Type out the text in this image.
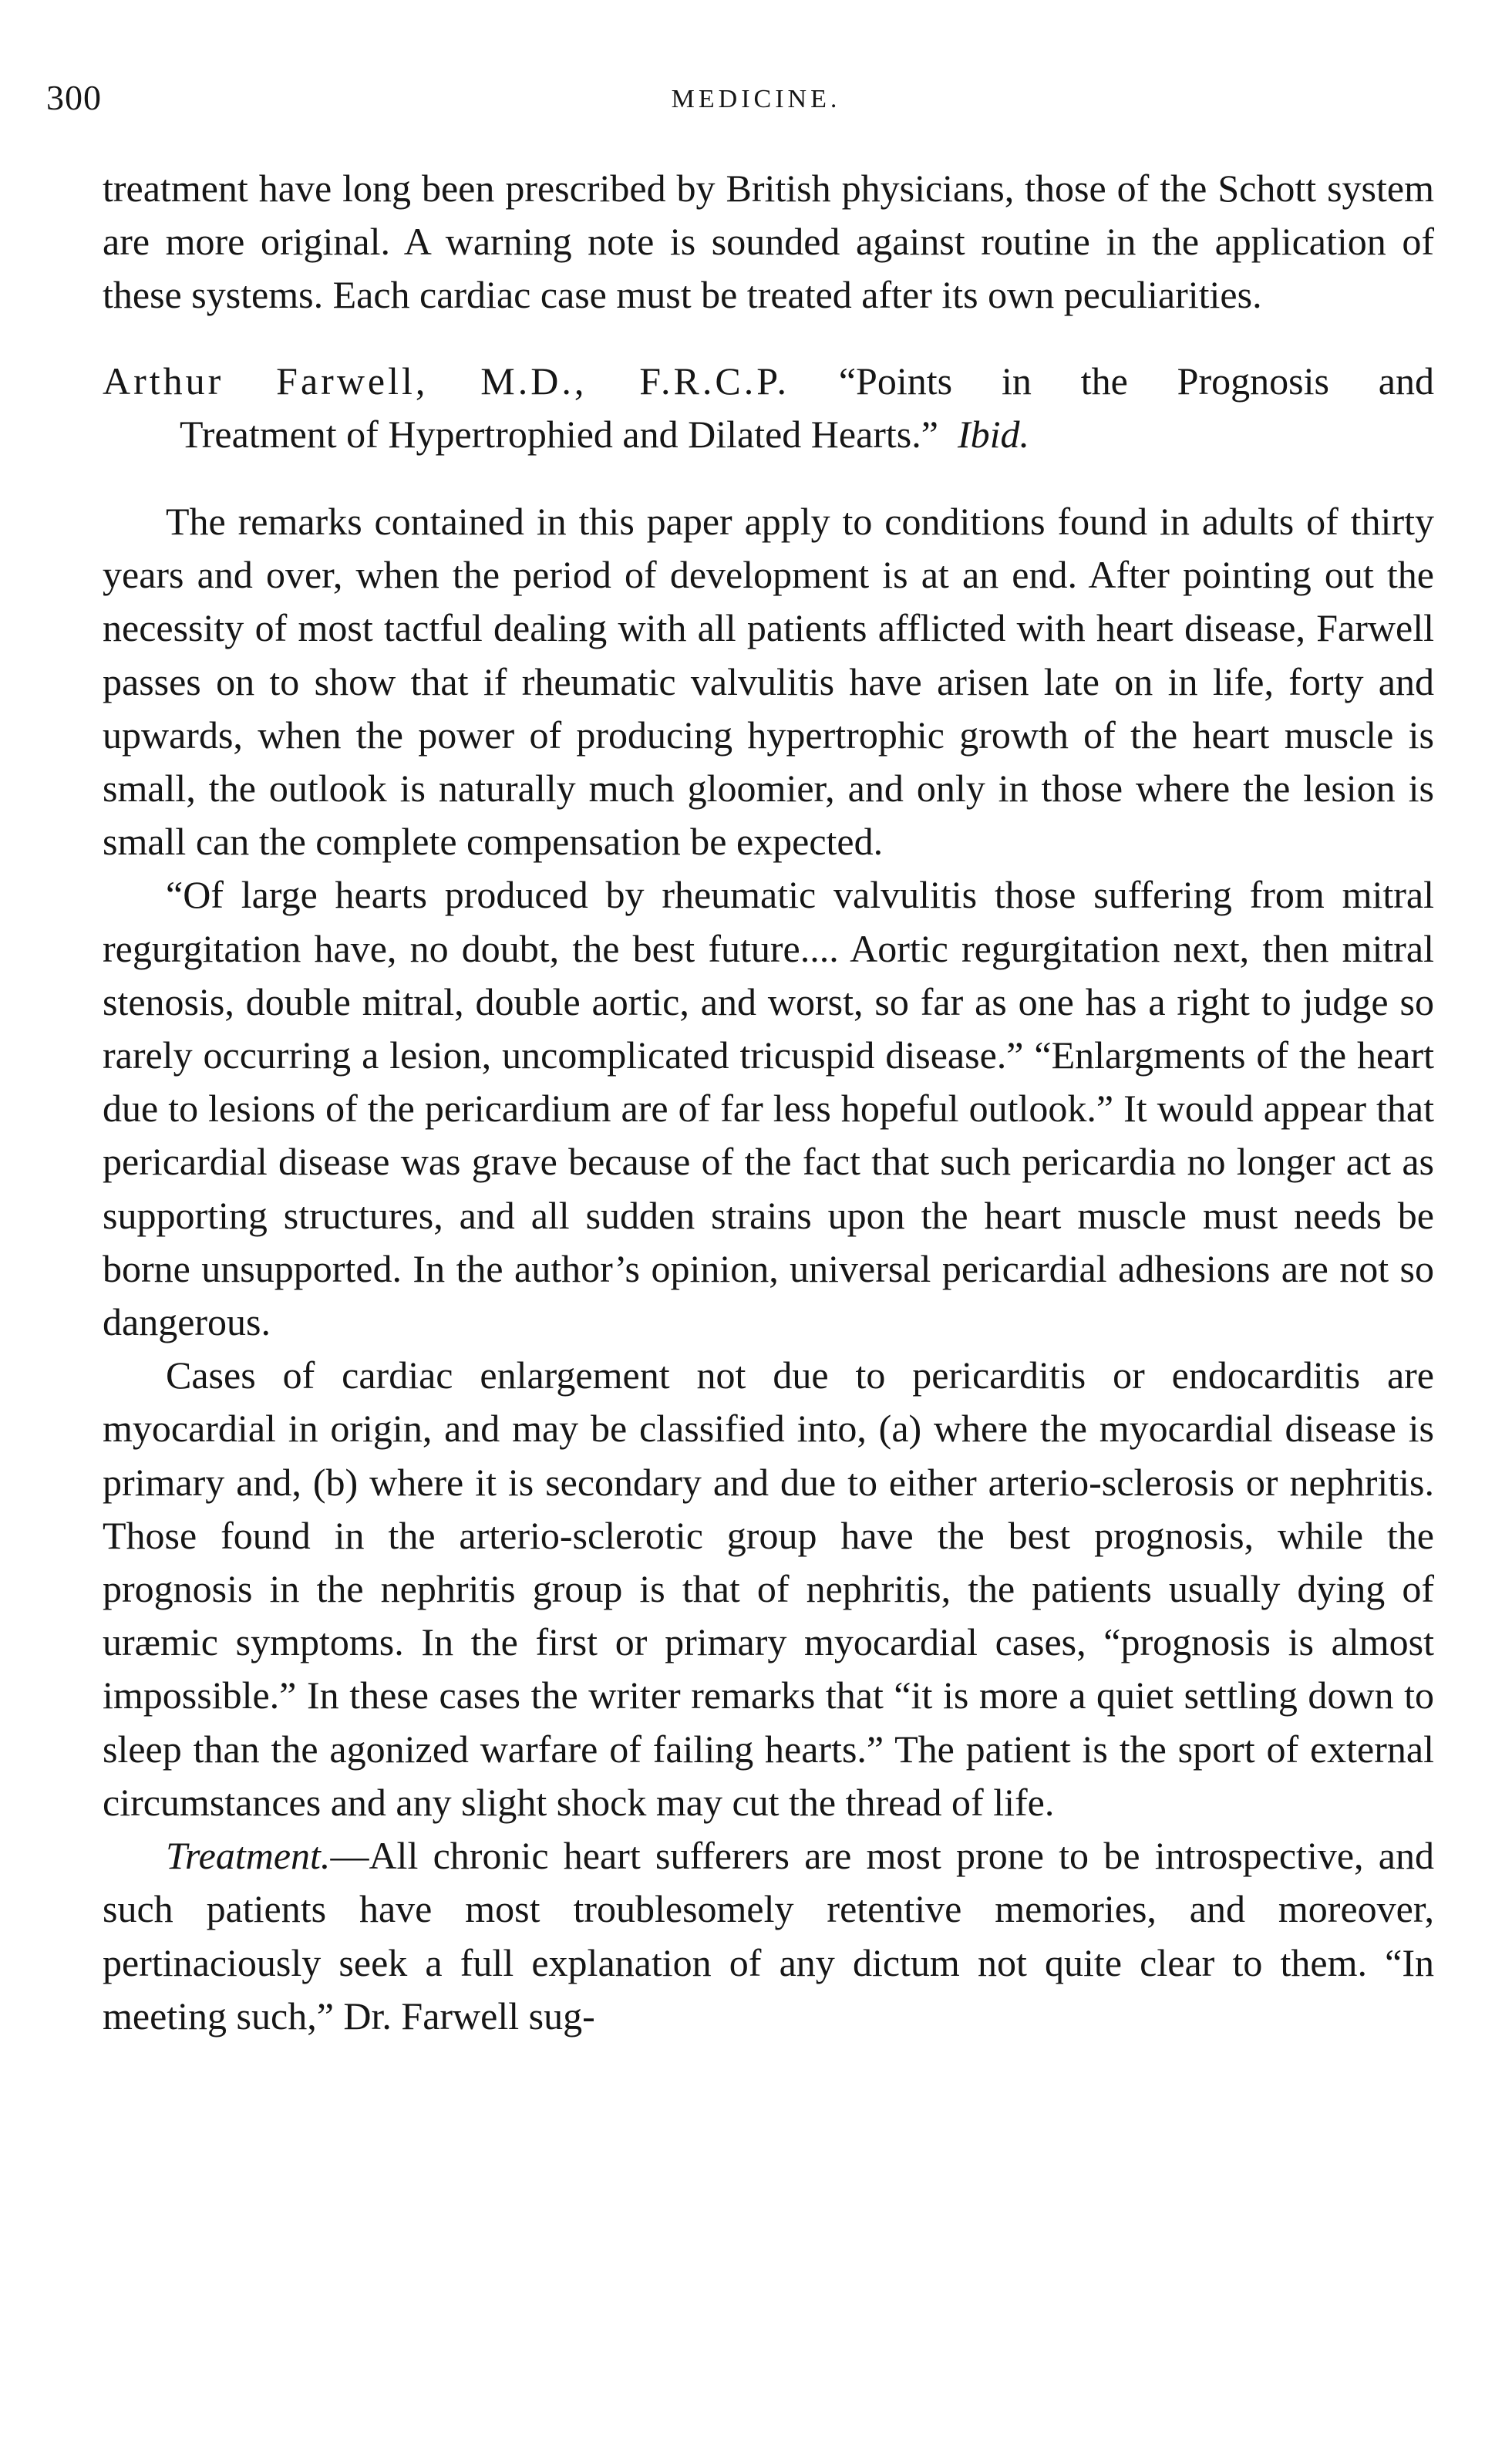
300	MEDICINE.

treatment have long been prescribed by British physicians, those of the Schott system are more original. A warning note is sounded against routine in the application of these systems. Each cardiac case must be treated after its own peculiarities.

Arthur Farwell, M.D., F.R.C.P. “Points in the Prognosis and
Treatment of Hypertrophied and Dilated Hearts.” Ibid.

The remarks contained in this paper apply to conditions found in adults of thirty years and over, when the period of development is at an end. After pointing out the necessity of most tactful dealing with all patients afflicted with heart disease, Farwell passes on to show that if rheumatic valvulitis have arisen late on in life, forty and upwards, when the power of producing hypertrophic growth of the heart muscle is small, the outlook is naturally much gloomier, and only in those where the lesion is small can the complete compensation be expected.

“Of large hearts produced by rheumatic valvulitis those suffering from mitral regurgitation have, no doubt, the best future.... Aortic regurgitation next, then mitral stenosis, double mitral, double aortic, and worst, so far as one has a right to judge so rarely occurring a lesion, uncomplicated tricuspid disease.” “Enlargments of the heart due to lesions of the pericardium are of far less hopeful outlook.” It would appear that pericardial disease was grave because of the fact that such pericardia no longer act as supporting structures, and all sudden strains upon the heart muscle must needs be borne unsupported. In the author’s opinion, universal pericardial adhesions are not so dangerous.

Cases of cardiac enlargement not due to pericarditis or endocarditis are myocardial in origin, and may be classified into, (a) where the myocardial disease is primary and, (b) where it is secondary and due to either arterio-sclerosis or nephritis. Those found in the arterio-sclerotic group have the best prognosis, while the prognosis in the nephritis group is that of nephritis, the patients usually dying of uræmic symptoms. In the first or primary myocardial cases, “prognosis is almost impossible.” In these cases the writer remarks that “it is more a quiet settling down to sleep than the agonized warfare of failing hearts.” The patient is the sport of external circumstances and any slight shock may cut the thread of life.

Treatment.—All chronic heart sufferers are most prone to be introspective, and such patients have most troublesomely retentive memories, and moreover, pertinaciously seek a full explanation of any dictum not quite clear to them. “In meeting such,” Dr. Farwell sug-
